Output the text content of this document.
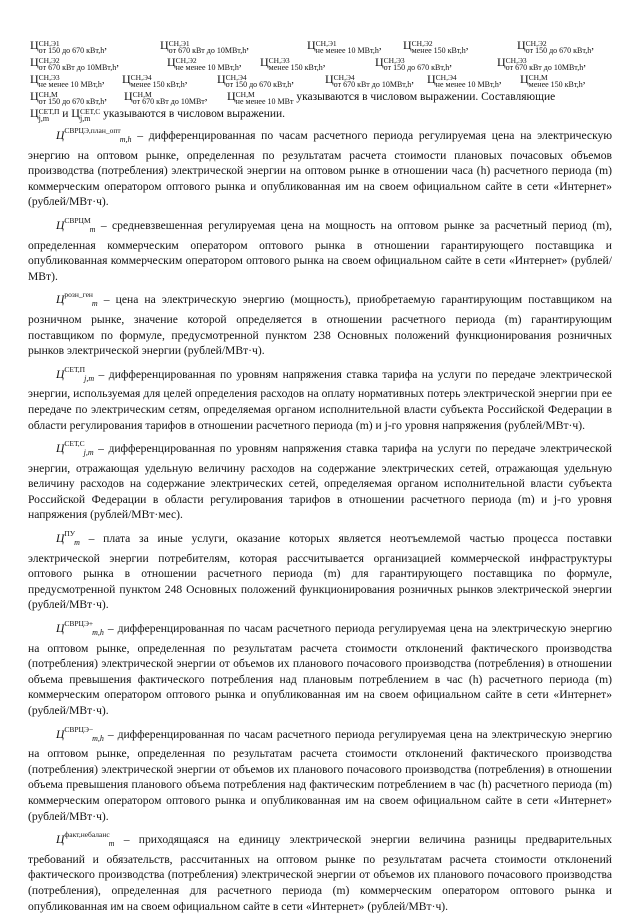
Ц СН,Э1
от 150 до 670 кВт,h ,	Ц СН,Э1
от 670 кВт до 10МВт,h ,	Ц СН,Э1
не менее 10 МВт,h , Ц СН,Э2
менее 150 кВт,h ,	Ц СН,Э2
от 150 до 670 кВт,h ,
Ц СН,Э2
от 670 кВт до 10МВт,h ,	Ц СН,Э2
не менее 10 МВт,h , Ц СН,Э3
менее 150 кВт,h ,	Ц СН,Э3
от 150 до 670 кВт,h ,	Ц СН,Э3
от 670 кВт до 10МВт,h ,
Ц СН,Э3
не менее 10 МВт,h , Ц СН,Э4
менее 150 кВт,h , Ц СН,Э4
от 150 до 670 кВт,h ,	Ц СН,Э4
от 670 кВт до 10МВт,h , Ц СН,Э4
не менее 10 МВт,h , Ц СН,М
менее 150 кВт,h ,
Ц СН,М
от 150 до 670 кВт,h , Ц СН,М
от 670 кВт до 10МВт , Ц СН,М
не менее 10 МВт указываются в числовом выражении. Составляющие
Ц СЕТ,П
j,m и Ц СЕТ,С
j,m указываются в числовом выражении.

$Ц^{СВРЦЭ,план\_опт}_{m,h}$ – дифференцированная по часам расчетного периода регулируемая цена на электрическую энергию на оптовом рынке, определенная по результатам расчета стоимости плановых почасовых объемов производства (потребления) электрической энергии на оптовом рынке в отношении часа (h) расчетного периода (m) коммерческим оператором оптового рынка и опубликованная им на своем официальном сайте в сети «Интернет» (рублей/МВт·ч).

$Ц^{СВРЦМ}_m$ – средневзвешенная регулируемая цена на мощность на оптовом рынке за расчетный период (m), определенная коммерческим оператором оптового рынка в отношении гарантирующего поставщика и опубликованная коммерческим оператором оптового рынка на своем официальном сайте в сети «Интернет» (рублей/МВт).

$Ц^{розн\_ген}_m$ – цена на электрическую энергию (мощность), приобретаемую гарантирующим поставщиком на розничном рынке, значение которой определяется в отношении расчетного периода (m) гарантирующим поставщиком по формуле, предусмотренной пунктом 238 Основных положений функционирования розничных рынков электрической энергии (рублей/МВт·ч).

$Ц^{СЕТ,П}_{j,m}$ – дифференцированная по уровням напряжения ставка тарифа на услуги по передаче электрической энергии, используемая для целей определения расходов на оплату нормативных потерь электрической энергии при ее передаче по электрическим сетям, определяемая органом исполнительной власти субъекта Российской Федерации в области регулирования тарифов в отношении расчетного периода (m) и j-го уровня напряжения (рублей/МВт·ч).

$Ц^{СЕТ,С}_{j,m}$ – дифференцированная по уровням напряжения ставка тарифа на услуги по передаче электрической энергии, отражающая удельную величину расходов на содержание электрических сетей, отражающая удельную величину расходов на содержание электрических сетей, определяемая органом исполнительной власти субъекта Российской Федерации в области регулирования тарифов в отношении расчетного периода (m) и j-го уровня напряжения (рублей/МВт·мес).

$Ц^{ПУ}_m$ – плата за иные услуги, оказание которых является неотъемлемой частью процесса поставки электрической энергии потребителям, которая рассчитывается организацией коммерческой инфраструктуры оптового рынка в отношении расчетного периода (m) для гарантирующего поставщика по формуле, предусмотренной пунктом 248 Основных положений функционирования розничных рынков электрической энергии (рублей/МВт·ч).

$Ц^{СВРЦЭ+}_{m,h}$ – дифференцированная по часам расчетного периода регулируемая цена на электрическую энергию на оптовом рынке, определенная по результатам расчета стоимости отклонений фактического производства (потребления) электрической энергии от объемов их планового почасового производства (потребления) в отношении объема превышения фактического потребления над плановым потреблением в час (h) расчетного периода (m) коммерческим оператором оптового рынка и опубликованная им на своем официальном сайте в сети «Интернет» (рублей/МВт·ч).

$Ц^{СВРЦЭ-}_{m,h}$ – дифференцированная по часам расчетного периода регулируемая цена на электрическую энергию на оптовом рынке, определенная по результатам расчета стоимости отклонений фактического производства (потребления) электрической энергии от объемов их планового почасового производства (потребления) в отношении объема превышения планового объема потребления над фактическим потреблением в час (h) расчетного периода (m) коммерческим оператором оптового рынка и опубликованная им на своем официальном сайте в сети «Интернет» (рублей/МВт·ч).

$Ц^{факт,небаланс}_m$ – приходящаяся на единицу электрической энергии величина разницы предварительных требований и обязательств, рассчитанных на оптовом рынке по результатам расчета стоимости отклонений фактического производства (потребления) электрической энергии от объемов их планового почасового производства (потребления), определенная для расчетного периода (m) коммерческим оператором оптового рынка и опубликованная им на своем официальном сайте в сети «Интернет» (рублей/МВт·ч).
